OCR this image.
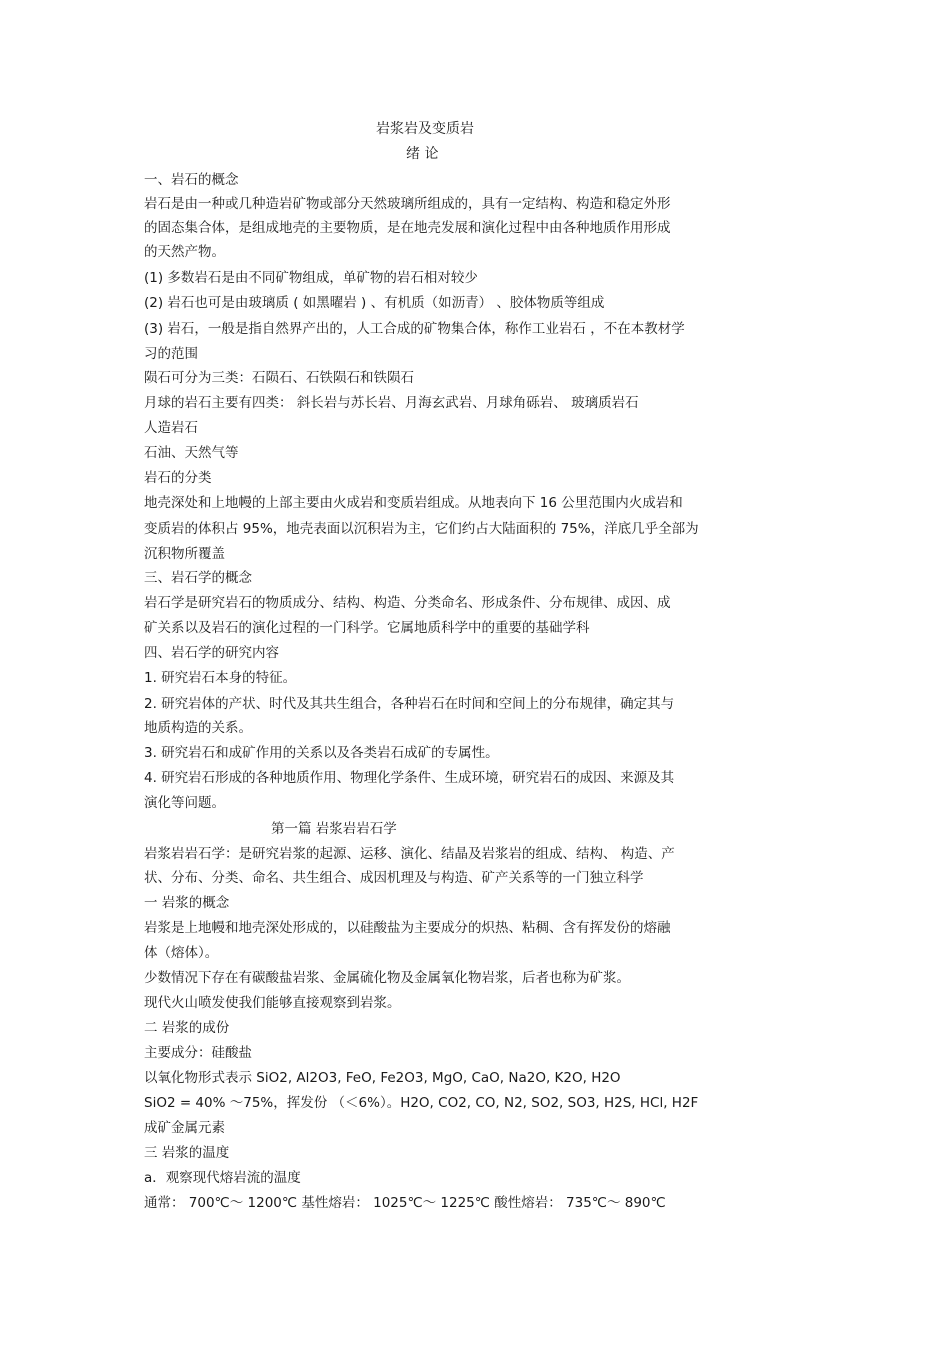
岩浆岩及变质岩
绪 论
一、岩石的概念
岩石是由一种或几种造岩矿物或部分天然玻璃所组成的，具有一定结构、构造和稳定外形
的固态集合体，是组成地壳的主要物质，是在地壳发展和演化过程中由各种地质作用形成
的天然产物。
(1) 多数岩石是由不同矿物组成，单矿物的岩石相对较少
(2) 岩石也可是由玻璃质 ( 如黑曜岩 ) 、有机质（如沥青） 、胶体物质等组成
(3) 岩石，一般是指自然界产出的，人工合成的矿物集合体，称作工业岩石 ，不在本教材学
习的范围
陨石可分为三类：石陨石、石铁陨石和铁陨石
月球的岩石主要有四类： 斜长岩与苏长岩、月海玄武岩、月球角砾岩、 玻璃质岩石
人造岩石
石油、天然气等
岩石的分类
地壳深处和上地幔的上部主要由火成岩和变质岩组成。从地表向下 16 公里范围内火成岩和
变质岩的体积占 95%，地壳表面以沉积岩为主，它们约占大陆面积的 75%，洋底几乎全部为
沉积物所覆盖
三、岩石学的概念
岩石学是研究岩石的物质成分、结构、构造、分类命名、形成条件、分布规律、成因、成
矿关系以及岩石的演化过程的一门科学。它属地质科学中的重要的基础学科
四、岩石学的研究内容
1. 研究岩石本身的特征。
2. 研究岩体的产状、时代及其共生组合，各种岩石在时间和空间上的分布规律，确定其与
地质构造的关系。
3. 研究岩石和成矿作用的关系以及各类岩石成矿的专属性。
4. 研究岩石形成的各种地质作用、物理化学条件、生成环境，研究岩石的成因、来源及其
演化等问题。
第一篇 岩浆岩岩石学
岩浆岩岩石学：是研究岩浆的起源、运移、演化、结晶及岩浆岩的组成、结构、 构造、产
状、分布、分类、命名、共生组合、成因机理及与构造、矿产关系等的一门独立科学
一 岩浆的概念
岩浆是上地幔和地壳深处形成的，以硅酸盐为主要成分的炽热、粘稠、含有挥发份的熔融
体（熔体）。
少数情况下存在有碳酸盐岩浆、金属硫化物及金属氧化物岩浆，后者也称为矿浆。
现代火山喷发使我们能够直接观察到岩浆。
二 岩浆的成份
主要成分：硅酸盐
以氧化物形式表示 SiO2, Al2O3, FeO, Fe2O3, MgO, CaO, Na2O, K2O, H2O
SiO2 = 40% ～75%，挥发份 （＜6%）。H2O, CO2, CO, N2, SO2, SO3, H2S, HCl, H2F
成矿金属元素
三 岩浆的温度
a．观察现代熔岩流的温度
通常： 700℃～ 1200℃ 基性熔岩： 1025℃～ 1225℃ 酸性熔岩： 735℃～ 890℃
